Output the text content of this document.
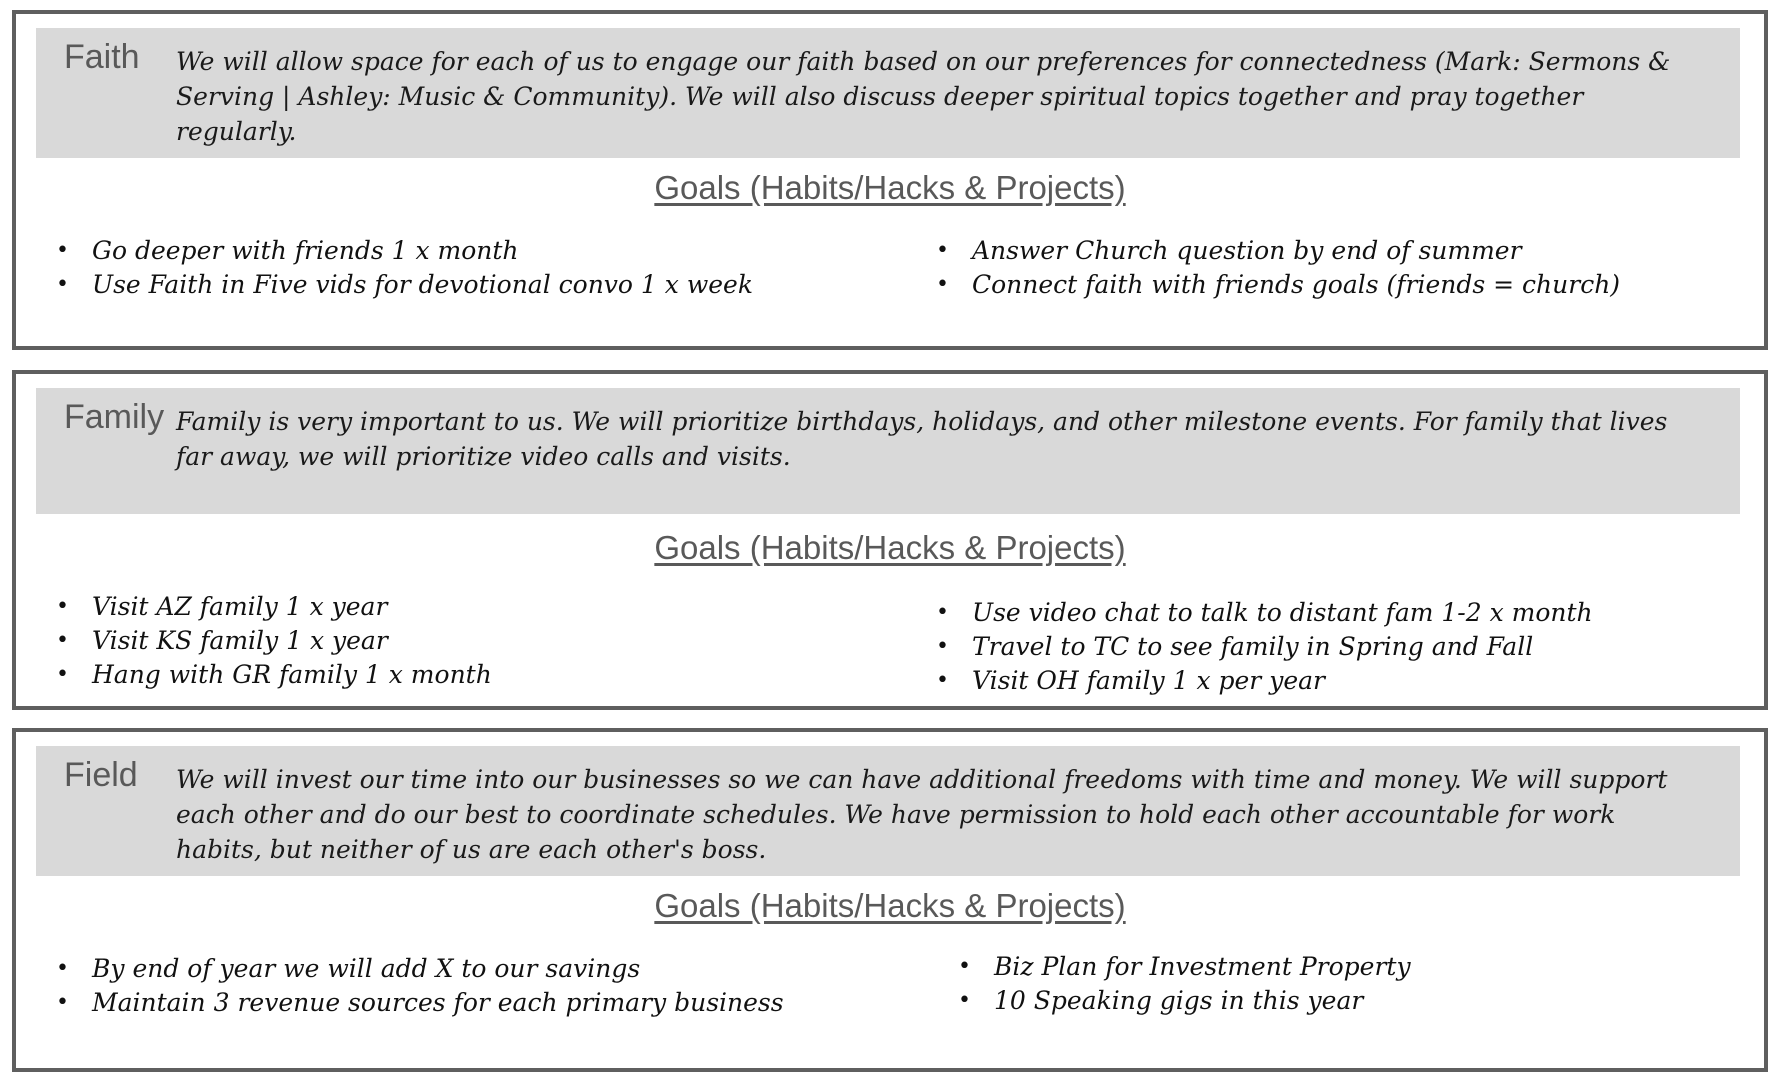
Faith We will allow space for each of us to engage our faith based on our preferences for connectedness (Mark: Sermons & Serving | Ashley: Music & Community). We will also discuss deeper spiritual topics together and pray together regularly.

Goals (Habits/Hacks & Projects)
• Go deeper with friends 1 x month
• Use Faith in Five vids for devotional convo 1 x week
• Answer Church question by end of summer
• Connect faith with friends goals (friends = church)
Family Family is very important to us. We will prioritize birthdays, holidays, and other milestone events. For family that lives far away, we will prioritize video calls and visits.

Goals (Habits/Hacks & Projects)
• Visit AZ family 1 x year
• Visit KS family 1 x year
• Hang with GR family 1 x month
• Use video chat to talk to distant fam 1-2 x month
• Travel to TC to see family in Spring and Fall
• Visit OH family 1 x per year
Field We will invest our time into our businesses so we can have additional freedoms with time and money. We will support each other and do our best to coordinate schedules. We have permission to hold each other accountable for work habits, but neither of us are each other's boss.

Goals (Habits/Hacks & Projects)
• By end of year we will add X to our savings
• Maintain 3 revenue sources for each primary business
• Biz Plan for Investment Property
• 10 Speaking gigs in this year
